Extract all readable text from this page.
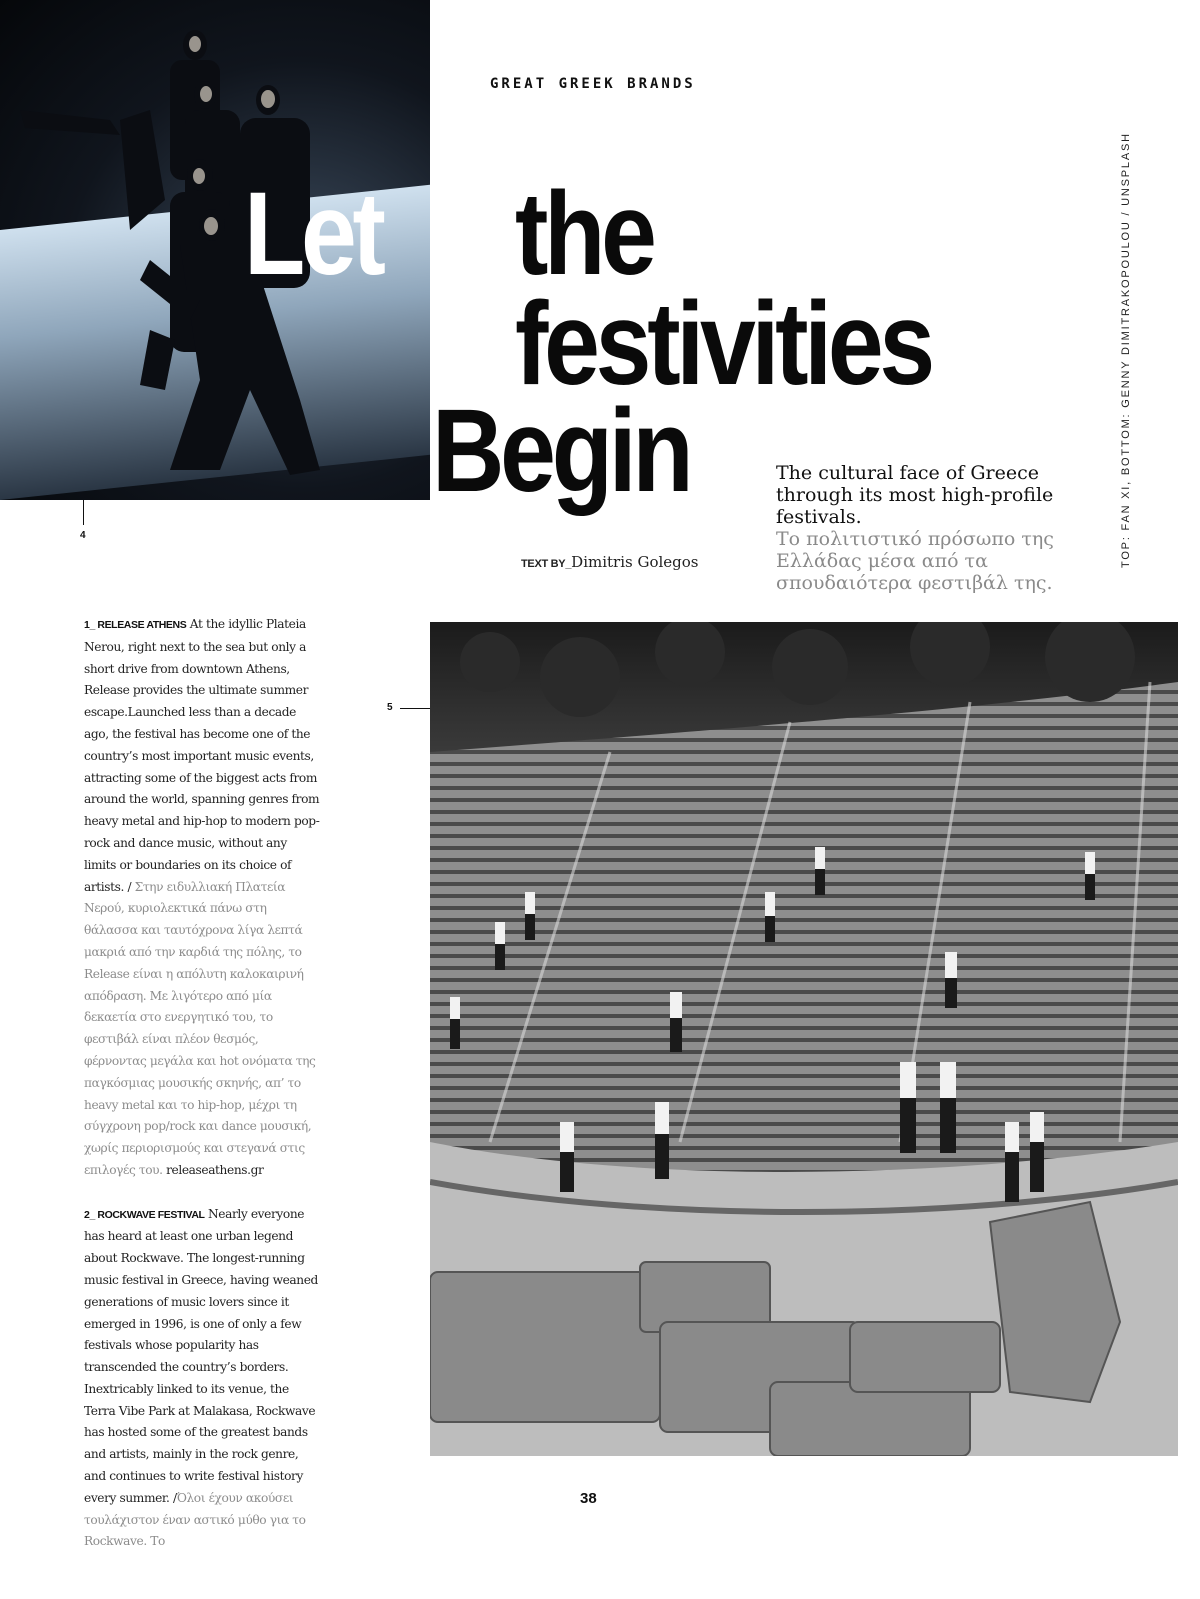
GREAT GREEK BRANDS
Let the
festivities
Begin	The cultural face of Greece through its most high-profile festivals.
Το πολιτιστικό πρόσωπο της Ελλάδας μέσα από τα σπουδαιότερα φεστιβάλ της.
TEXT BY_Dimitris Golegos	TOP: FAN XI, BOTTOM: GENNY DIMITRAKOPOULOU / UNSPLASH
4
5

1_ RELEASE ATHENS At the idyllic Plateia Nerou, right next to the sea but only a short drive from downtown Athens, Release provides the ultimate summer escape.Launched less than a decade ago, the festival has become one of the country’s most important music events, attracting some of the biggest acts from around the world, spanning genres from heavy metal and hip-hop to modern pop-rock and dance music, without any limits or boundaries on its choice of artists. / Στην ειδυλλιακή Πλατεία Νερού, κυριολεκτικά πάνω στη θάλασσα και ταυτόχρονα λίγα λεπτά μακριά από την καρδιά της πόλης, το Release είναι η απόλυτη καλοκαιρινή απόδραση. Με λιγότερο από μία δεκαετία στο ενεργητικό του, το φεστιβάλ είναι πλέον θεσμός, φέρνοντας μεγάλα και hot ονόματα της παγκόσμιας μουσικής σκηνής, απ’ το heavy metal και το hip-hop, μέχρι τη σύγχρονη pop/rock και dance μουσική, χωρίς περιορισμούς και στεγανά στις επιλογές του. releaseathens.gr

2_ ROCKWAVE FESTIVAL Nearly everyone has heard at least one urban legend about Rockwave. The longest-running music festival in Greece, having weaned generations of music lovers since it emerged in 1996, is one of only a few festivals whose popularity has transcended the country’s borders. Inextricably linked to its venue, the Terra Vibe Park at Malakasa, Rockwave has hosted some of the greatest bands and artists, mainly in the rock genre, and continues to write festival history every summer. /Όλοι έχουν ακούσει τουλάχιστον έναν αστικό μύθο για το Rockwave. Το

38
